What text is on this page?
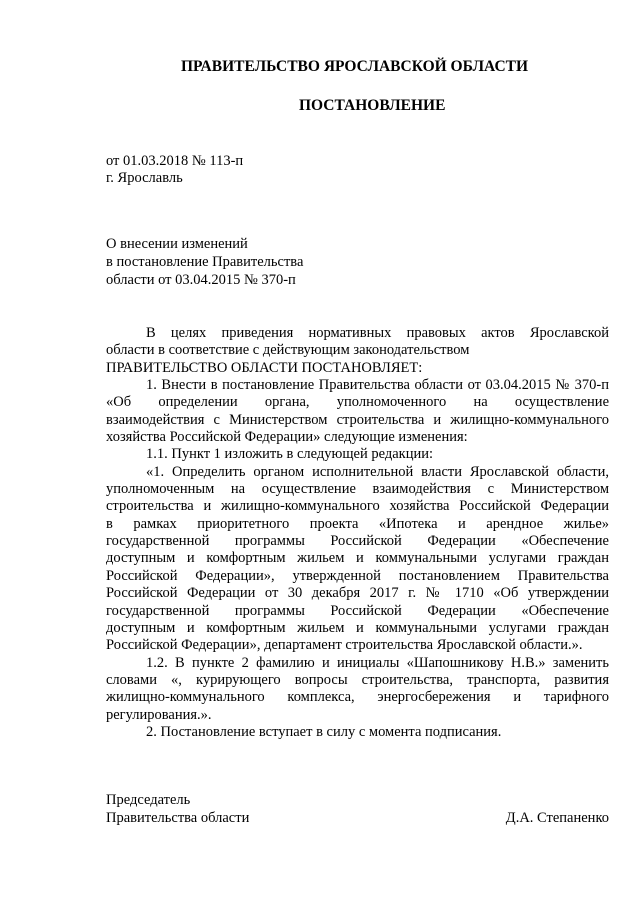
ПРАВИТЕЛЬСТВО ЯРОСЛАВСКОЙ ОБЛАСТИ
ПОСТАНОВЛЕНИЕ
от 01.03.2018 № 113-п
г. Ярославль
О внесении изменений
в постановление Правительства
области от 03.04.2015 № 370-п
В целях приведения нормативных правовых актов Ярославской
области в соответствие с действующим законодательством
ПРАВИТЕЛЬСТВО ОБЛАСТИ ПОСТАНОВЛЯЕТ:
1. Внести в постановление Правительства области от 03.04.2015 № 370-п
«Об определении органа, уполномоченного на осуществление
взаимодействия с Министерством строительства и жилищно-коммунального
хозяйства Российской Федерации» следующие изменения:
1.1. Пункт 1 изложить в следующей редакции:
«1. Определить органом исполнительной власти Ярославской области,
уполномоченным на осуществление взаимодействия с Министерством
строительства и жилищно-коммунального хозяйства Российской Федерации
в рамках приоритетного проекта «Ипотека и арендное жилье»
государственной программы Российской Федерации «Обеспечение
доступным и комфортным жильем и коммунальными услугами граждан
Российской Федерации», утвержденной постановлением Правительства
Российской Федерации от 30 декабря 2017 г. № 1710 «Об утверждении
государственной программы Российской Федерации «Обеспечение
доступным и комфортным жильем и коммунальными услугами граждан
Российской Федерации», департамент строительства Ярославской области.».
1.2. В пункте 2 фамилию и инициалы «Шапошникову Н.В.» заменить
словами «, курирующего вопросы строительства, транспорта, развития
жилищно-коммунального комплекса, энергосбережения и тарифного
регулирования.».
2. Постановление вступает в силу с момента подписания.
Председатель
Правительства области	Д.А. Степаненко
